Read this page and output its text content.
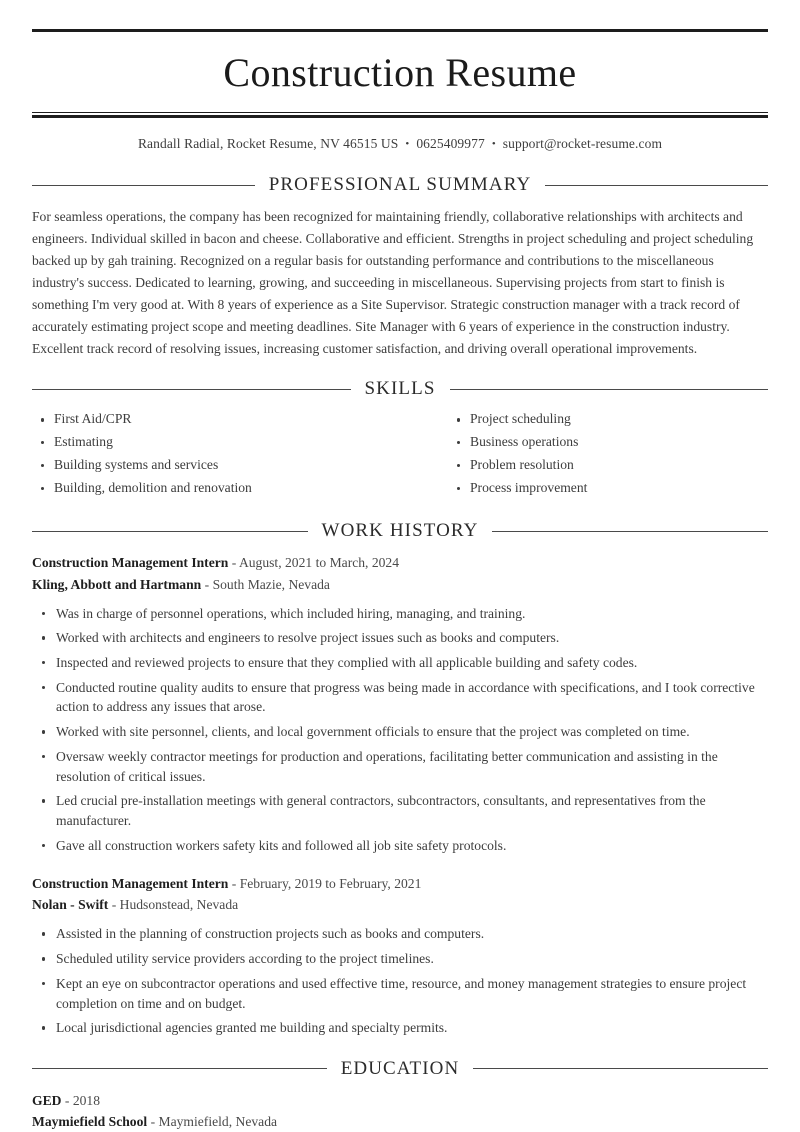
Construction Resume
Randall Radial, Rocket Resume, NV 46515 US • 0625409977 • support@rocket-resume.com
PROFESSIONAL SUMMARY

For seamless operations, the company has been recognized for maintaining friendly, collaborative relationships with architects and engineers. Individual skilled in bacon and cheese. Collaborative and efficient. Strengths in project scheduling and project scheduling backed up by gah training. Recognized on a regular basis for outstanding performance and contributions to the miscellaneous industry's success. Dedicated to learning, growing, and succeeding in miscellaneous. Supervising projects from start to finish is something I'm very good at. With 8 years of experience as a Site Supervisor. Strategic construction manager with a track record of accurately estimating project scope and meeting deadlines. Site Manager with 6 years of experience in the construction industry. Excellent track record of resolving issues, increasing customer satisfaction, and driving overall operational improvements.

SKILLS
First Aid/CPR
Estimating
Building systems and services
Building, demolition and renovation
Project scheduling
Business operations
Problem resolution
Process improvement
WORK HISTORY
Construction Management Intern - August, 2021 to March, 2024
Kling, Abbott and Hartmann - South Mazie, Nevada
Was in charge of personnel operations, which included hiring, managing, and training.
Worked with architects and engineers to resolve project issues such as books and computers.
Inspected and reviewed projects to ensure that they complied with all applicable building and safety codes.
Conducted routine quality audits to ensure that progress was being made in accordance with specifications, and I took corrective action to address any issues that arose.
Worked with site personnel, clients, and local government officials to ensure that the project was completed on time.
Oversaw weekly contractor meetings for production and operations, facilitating better communication and assisting in the resolution of critical issues.
Led crucial pre-installation meetings with general contractors, subcontractors, consultants, and representatives from the manufacturer.
Gave all construction workers safety kits and followed all job site safety protocols.
Construction Management Intern - February, 2019 to February, 2021
Nolan - Swift - Hudsonstead, Nevada
Assisted in the planning of construction projects such as books and computers.
Scheduled utility service providers according to the project timelines.
Kept an eye on subcontractor operations and used effective time, resource, and money management strategies to ensure project completion on time and on budget.
Local jurisdictional agencies granted me building and specialty permits.
EDUCATION
GED - 2018
Maymiefield School - Maymiefield, Nevada
